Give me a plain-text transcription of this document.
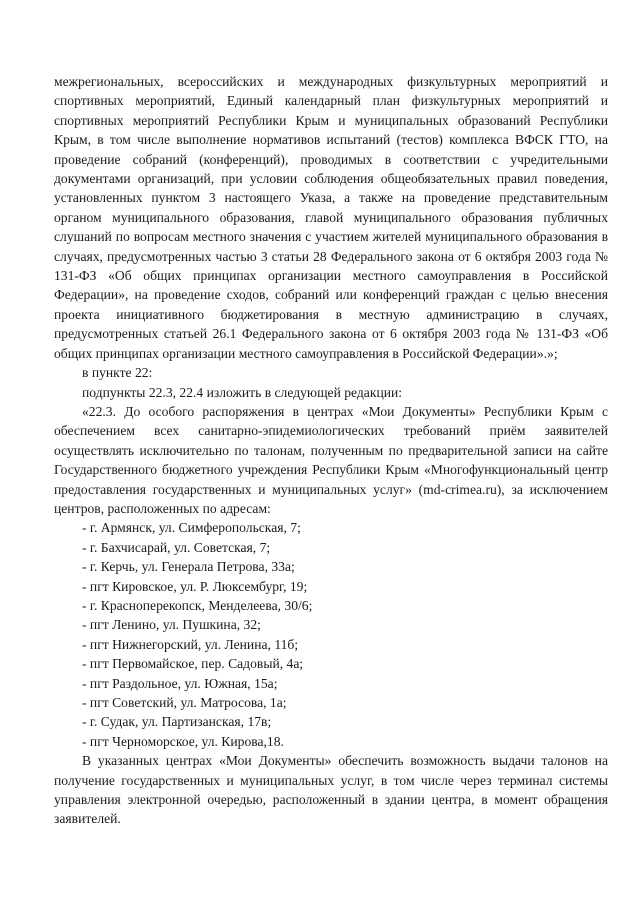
межрегиональных, всероссийских и международных физкультурных мероприятий и спортивных мероприятий, Единый календарный план физкультурных мероприятий и спортивных мероприятий Республики Крым и муниципальных образований Республики Крым, в том числе выполнение нормативов испытаний (тестов) комплекса ВФСК ГТО, на проведение собраний (конференций), проводимых в соответствии с учредительными документами организаций, при условии соблюдения общеобязательных правил поведения, установленных пунктом 3 настоящего Указа, а также на проведение представительным органом муниципального образования, главой муниципального образования публичных слушаний по вопросам местного значения с участием жителей муниципального образования в случаях, предусмотренных частью 3 статьи 28 Федерального закона от 6 октября 2003 года № 131-ФЗ «Об общих принципах организации местного самоуправления в Российской Федерации», на проведение сходов, собраний или конференций граждан с целью внесения проекта инициативного бюджетирования в местную администрацию в случаях, предусмотренных статьей 26.1 Федерального закона от 6 октября 2003 года № 131-ФЗ «Об общих принципах организации местного самоуправления в Российской Федерации».»;

в пункте 22:

подпункты 22.3, 22.4 изложить в следующей редакции:

«22.3. До особого распоряжения в центрах «Мои Документы» Республики Крым с обеспечением всех санитарно-эпидемиологических требований приём заявителей осуществлять исключительно по талонам, полученным по предварительной записи на сайте Государственного бюджетного учреждения Республики Крым «Многофункциональный центр предоставления государственных и муниципальных услуг» (md-crimea.ru), за исключением центров, расположенных по адресам:

- г. Армянск, ул. Симферопольская, 7;
- г. Бахчисарай, ул. Советская, 7;
- г. Керчь, ул. Генерала Петрова, 33а;
- пгт Кировское, ул. Р. Люксембург, 19;
- г. Красноперекопск, Менделеева, 30/6;
- пгт Ленино, ул. Пушкина, 32;
- пгт Нижнегорский, ул. Ленина, 11б;
- пгт Первомайское, пер. Садовый, 4а;
- пгт Раздольное, ул. Южная, 15а;
- пгт Советский, ул. Матросова, 1а;
- г. Судак, ул. Партизанская, 17в;
- пгт Черноморское, ул. Кирова,18.

В указанных центрах «Мои Документы» обеспечить возможность выдачи талонов на получение государственных и муниципальных услуг, в том числе через терминал системы управления электронной очередью, расположенный в здании центра, в момент обращения заявителей.
